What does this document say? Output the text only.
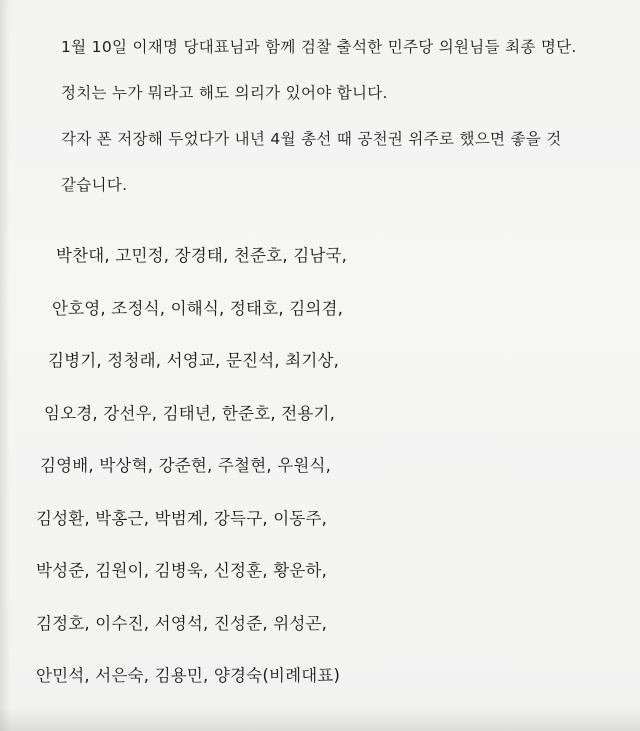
1월 10일 이재명 당대표님과 함께 검찰 출석한 민주당 의원님들 최종 명단.
정치는 누가 뭐라고 해도 의리가 있어야 합니다.
각자 폰 저장해 두었다가 내년 4월 총선 때 공천권 위주로 했으면 좋을 것
같습니다.
박찬대, 고민정, 장경태, 천준호, 김남국,
안호영, 조정식, 이해식, 정태호, 김의겸,
김병기, 정청래, 서영교, 문진석, 최기상,
임오경, 강선우, 김태년, 한준호, 전용기,
김영배, 박상혁, 강준현, 주철현, 우원식,
김성환, 박홍근, 박범계, 강득구, 이동주,
박성준, 김원이, 김병욱, 신정훈, 황운하,
김정호, 이수진, 서영석, 진성준, 위성곤,
안민석, 서은숙, 김용민, 양경숙(비례대표)
